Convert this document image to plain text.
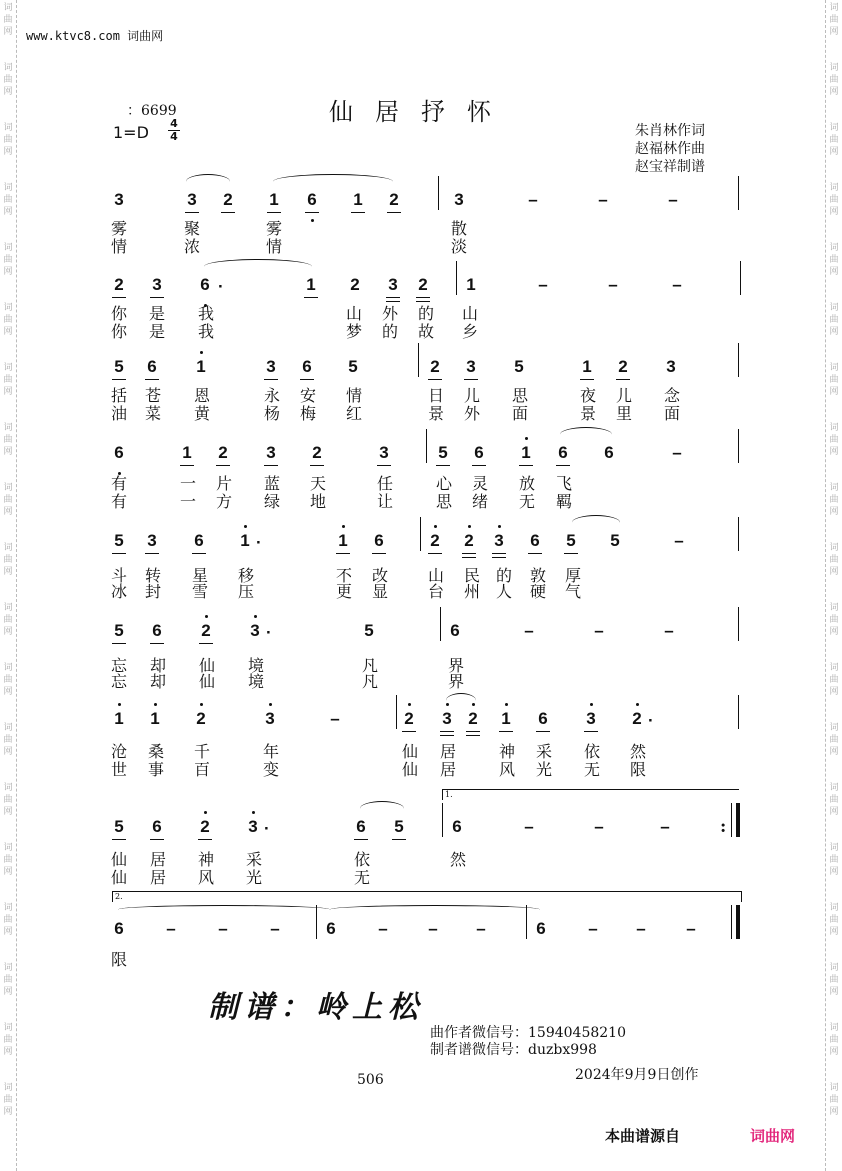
词
曲
网
词
曲
网
词
曲
网
词
曲
网
词
曲
网
词
曲
网
词
曲
网
词
曲
网
词
曲
网
词
曲
网
词
曲
网
词
曲
网
词
曲
网
词
曲
网
词
曲
网
词
曲
网
词
曲
网
词
曲
网
词
曲
网
词
曲
网
词
曲
网
词
曲
网
词
曲
网
词
曲
网
词
曲
网
词
曲
网
词
曲
网
词
曲
网
词
曲
网
词
曲
网
词
曲
网
词
曲
网
词
曲
网
词
曲
网
词
曲
网
词
曲
网
词
曲
网
词
曲
网
www.ktvc8.com 词曲网
仙居抒怀
：6699
1=D 4
4	朱肖林作词
赵福林作曲
赵宝祥制谱
3	3 2 1 6 1 2	3	–	–	–
雾	聚	雾	散
情	浓	情	淡
2 3 6 ·	1 2 3 2 1	–	–	–
你 是 我	山 外 的 山
你 是 我	梦 的 故 乡
5 6 1	3 6 5	2 3 5	1 2 3
括 苍 恩	永 安 情	日 儿 思	夜 儿 念
油 菜 黄	杨 梅 红	景 外 面	景 里 面
6	1 2 3 2	3	5 6 1 6 6	–
有	一 片 蓝 天	任	心 灵 放 飞
有	一 方 绿 地	让	思 绪 无 羁
5 3 6 1 ·	1 6	2 2 3 6 5 5	–
斗 转 星 移	不 改 山 民 的 敦 厚
冰 封 雪 压	更 显 台 州 人 硬 气
5 6 2 3 ·	5	6	–	–	–
忘 却 仙 境	凡	界
忘 却 仙 境	凡	界
1 1 2	3	–	2 3 2 1 6 3 2 ·
沧 桑 千	年	仙 居	神 采 依 然
世 事 百	变	仙 居	风 光 无 限
1.
5 6 2 3 ·	6 5	6	–	–	–	:
仙 居 神 采	依	然
仙 居 风 光	无
2.
6	–	–	–	6	– – –	6	– – –
限
制谱：岭上松
曲作者微信号：15940458210
制者谱微信号：duzbx998
2024年9月9日创作
506
本曲谱源自	词曲网
